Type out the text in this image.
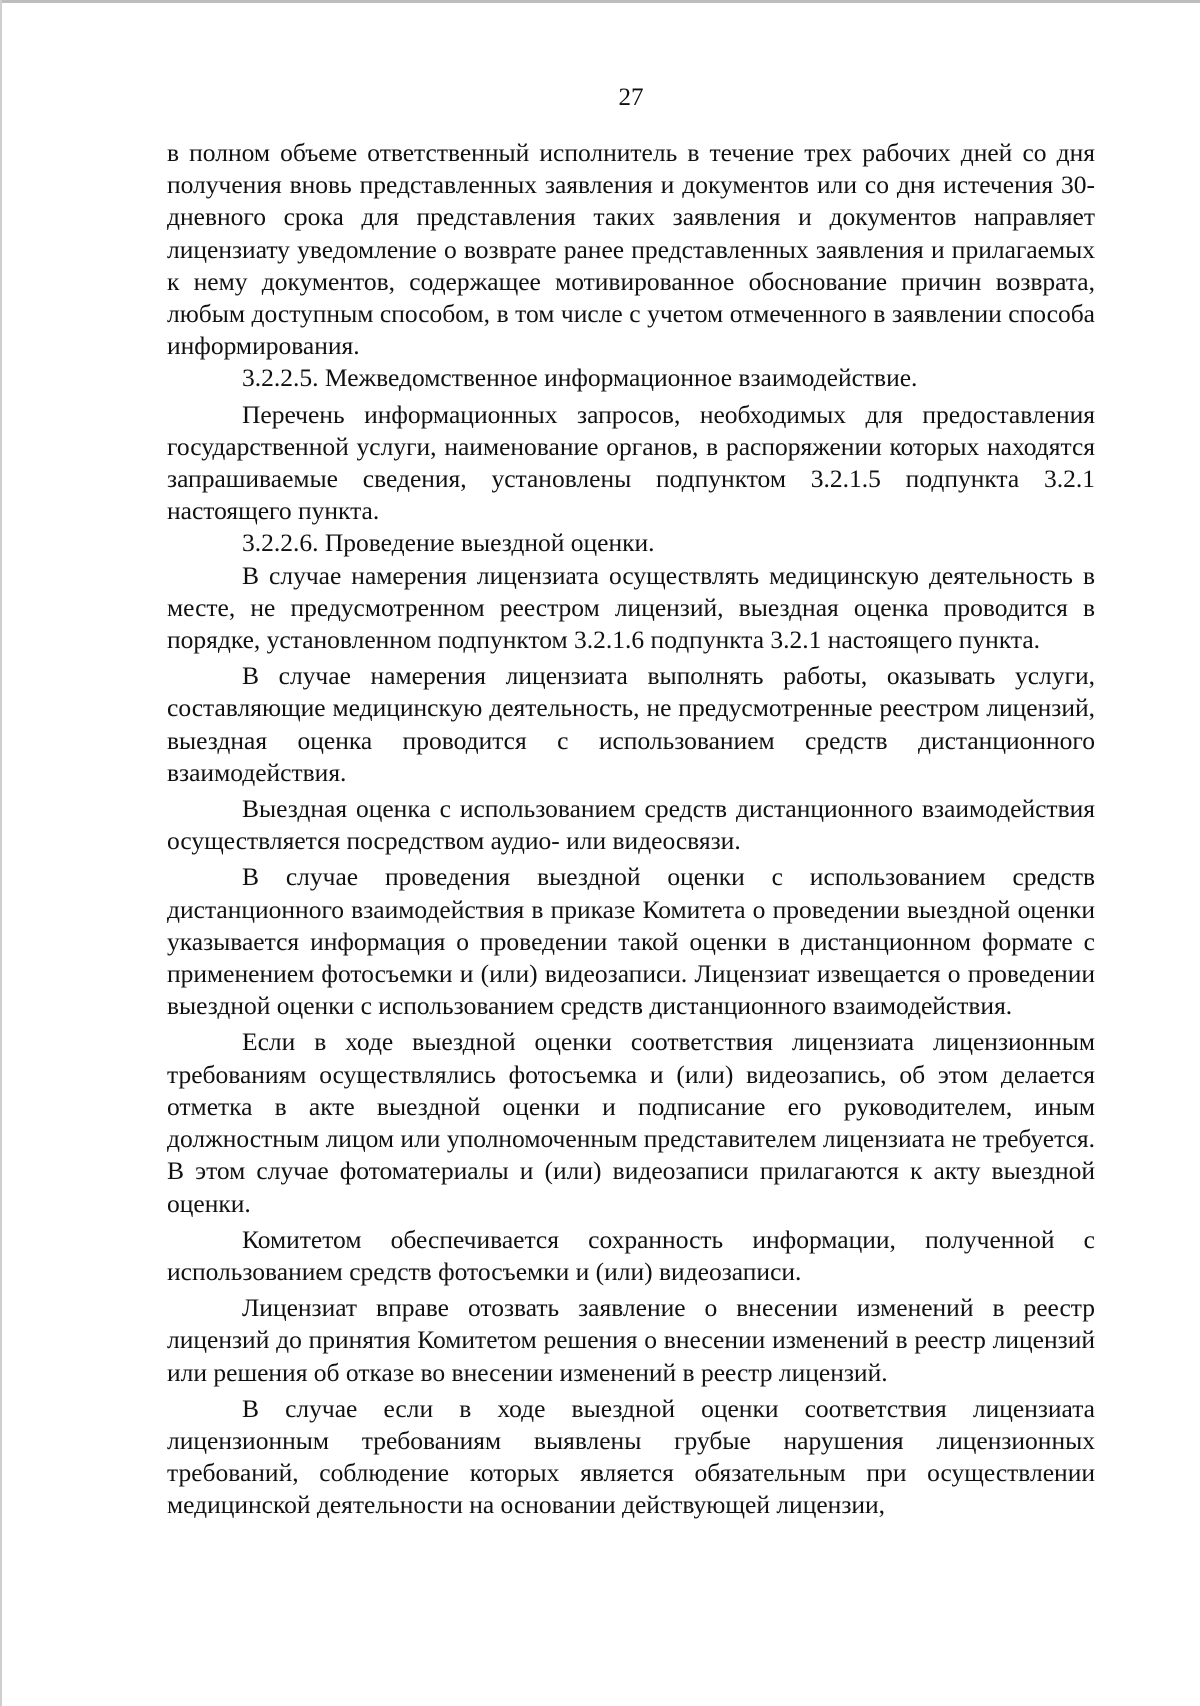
27

в полном объеме ответственный исполнитель в течение трех рабочих дней со дня получения вновь представленных заявления и документов или со дня истечения 30-дневного срока для представления таких заявления и документов направляет лицензиату уведомление о возврате ранее представленных заявления и прилагаемых к нему документов, содержащее мотивированное обоснование причин возврата, любым доступным способом, в том числе с учетом отмеченного в заявлении способа информирования.

3.2.2.5. Межведомственное информационное взаимодействие.

Перечень информационных запросов, необходимых для предоставления государственной услуги, наименование органов, в распоряжении которых находятся запрашиваемые сведения, установлены подпунктом 3.2.1.5 подпункта 3.2.1 настоящего пункта.

3.2.2.6. Проведение выездной оценки.

В случае намерения лицензиата осуществлять медицинскую деятельность в месте, не предусмотренном реестром лицензий, выездная оценка проводится в порядке, установленном подпунктом 3.2.1.6 подпункта 3.2.1 настоящего пункта.

В случае намерения лицензиата выполнять работы, оказывать услуги, составляющие медицинскую деятельность, не предусмотренные реестром лицензий, выездная оценка проводится с использованием средств дистанционного взаимодействия.

Выездная оценка с использованием средств дистанционного взаимодействия осуществляется посредством аудио- или видеосвязи.

В случае проведения выездной оценки с использованием средств дистанционного взаимодействия в приказе Комитета о проведении выездной оценки указывается информация о проведении такой оценки в дистанционном формате с применением фотосъемки и (или) видеозаписи. Лицензиат извещается о проведении выездной оценки с использованием средств дистанционного взаимодействия.

Если в ходе выездной оценки соответствия лицензиата лицензионным требованиям осуществлялись фотосъемка и (или) видеозапись, об этом делается отметка в акте выездной оценки и подписание его руководителем, иным должностным лицом или уполномоченным представителем лицензиата не требуется. В этом случае фотоматериалы и (или) видеозаписи прилагаются к акту выездной оценки.

Комитетом обеспечивается сохранность информации, полученной с использованием средств фотосъемки и (или) видеозаписи.

Лицензиат вправе отозвать заявление о внесении изменений в реестр лицензий до принятия Комитетом решения о внесении изменений в реестр лицензий или решения об отказе во внесении изменений в реестр лицензий.

В случае если в ходе выездной оценки соответствия лицензиата лицензионным требованиям выявлены грубые нарушения лицензионных требований, соблюдение которых является обязательным при осуществлении медицинской деятельности на основании действующей лицензии,
